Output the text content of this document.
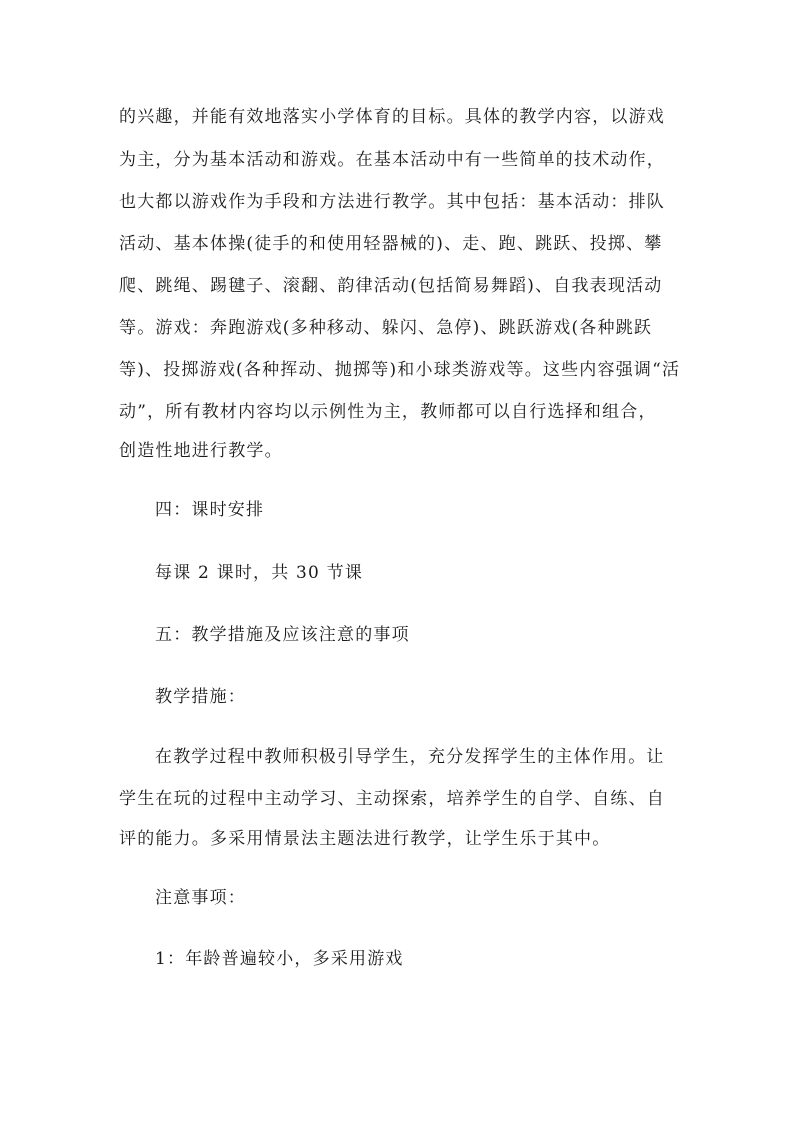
的兴趣，并能有效地落实小学体育的目标。具体的教学内容，以游戏
为主，分为基本活动和游戏。在基本活动中有一些简单的技术动作，
也大都以游戏作为手段和方法进行教学。其中包括：基本活动：排队
活动、基本体操(徒手的和使用轻器械的)、走、跑、跳跃、投掷、攀
爬、跳绳、踢毽子、滚翻、韵律活动(包括简易舞蹈)、自我表现活动
等。游戏：奔跑游戏(多种移动、躲闪、急停)、跳跃游戏(各种跳跃
等)、投掷游戏(各种挥动、抛掷等)和小球类游戏等。这些内容强调“活
动”，所有教材内容均以示例性为主，教师都可以自行选择和组合，
创造性地进行教学。
四：课时安排
每课 2 课时，共 30 节课
五：教学措施及应该注意的事项
教学措施：
在教学过程中教师积极引导学生，充分发挥学生的主体作用。让
学生在玩的过程中主动学习、主动探索，培养学生的自学、自练、自
评的能力。多采用情景法主题法进行教学，让学生乐于其中。
注意事项：
1：年龄普遍较小，多采用游戏
